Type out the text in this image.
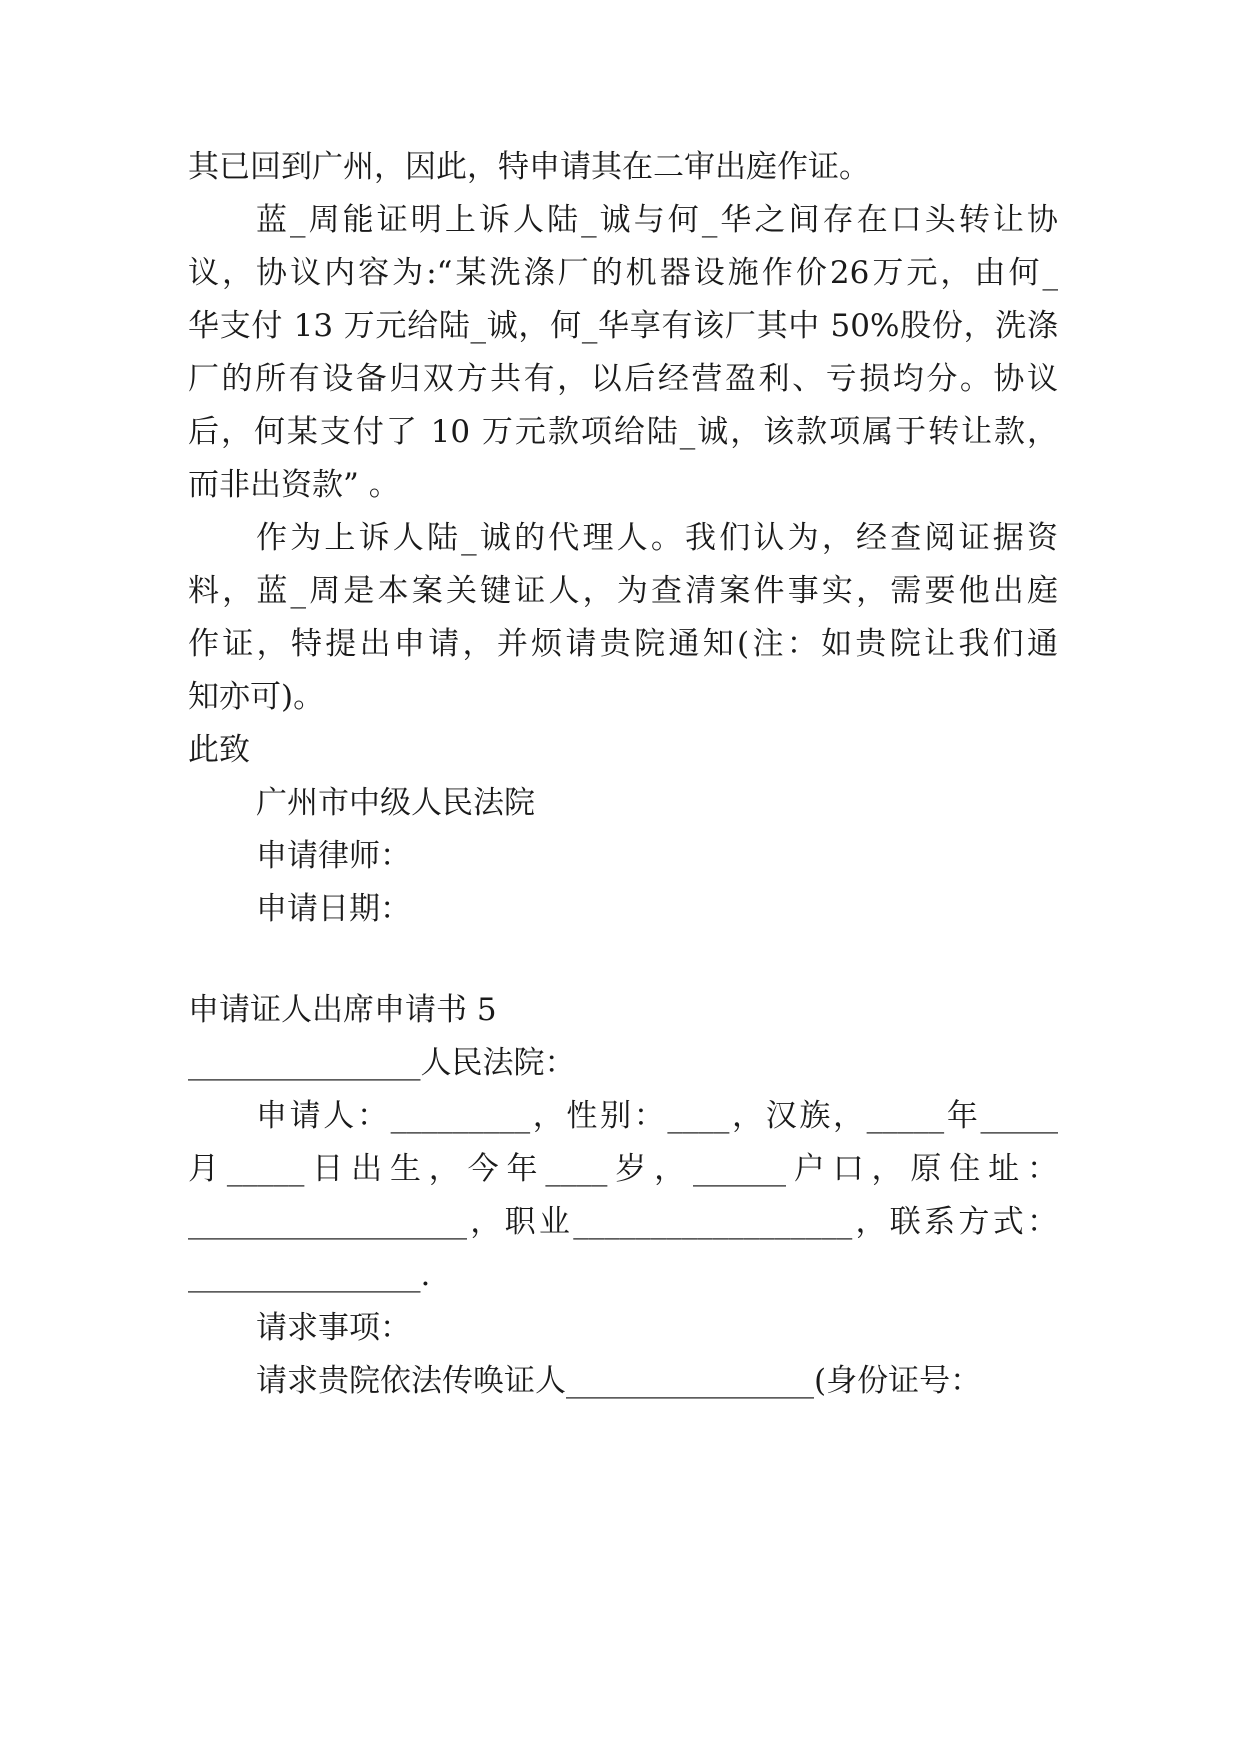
其已回到广州，因此，特申请其在二审出庭作证。
蓝_周能证明上诉人陆_诚与何_华之间存在口头转让协
议，协议内容为:“某洗涤厂的机器设施作价26万元，由何_
华支付 13 万元给陆_诚，何_华享有该厂其中 50%股份，洗涤
厂的所有设备归双方共有，以后经营盈利、亏损均分。协议
后，何某支付了 10 万元款项给陆_诚，该款项属于转让款，
而非出资款” 。
作为上诉人陆_诚的代理人。我们认为，经查阅证据资
料，蓝_周是本案关键证人，为查清案件事实，需要他出庭
作证，特提出申请，并烦请贵院通知(注：如贵院让我们通
知亦可)。
此致
广州市中级人民法院
申请律师：
申请日期：
申请证人出席申请书 5
_______________人民法院：
申请人：_________，性别：____，汉族，_____年_____
月_____日出生，今年____岁，______户口，原住址：
__________________，职业__________________，联系方式：
_______________.
请求事项：
请求贵院依法传唤证人________________(身份证号：
